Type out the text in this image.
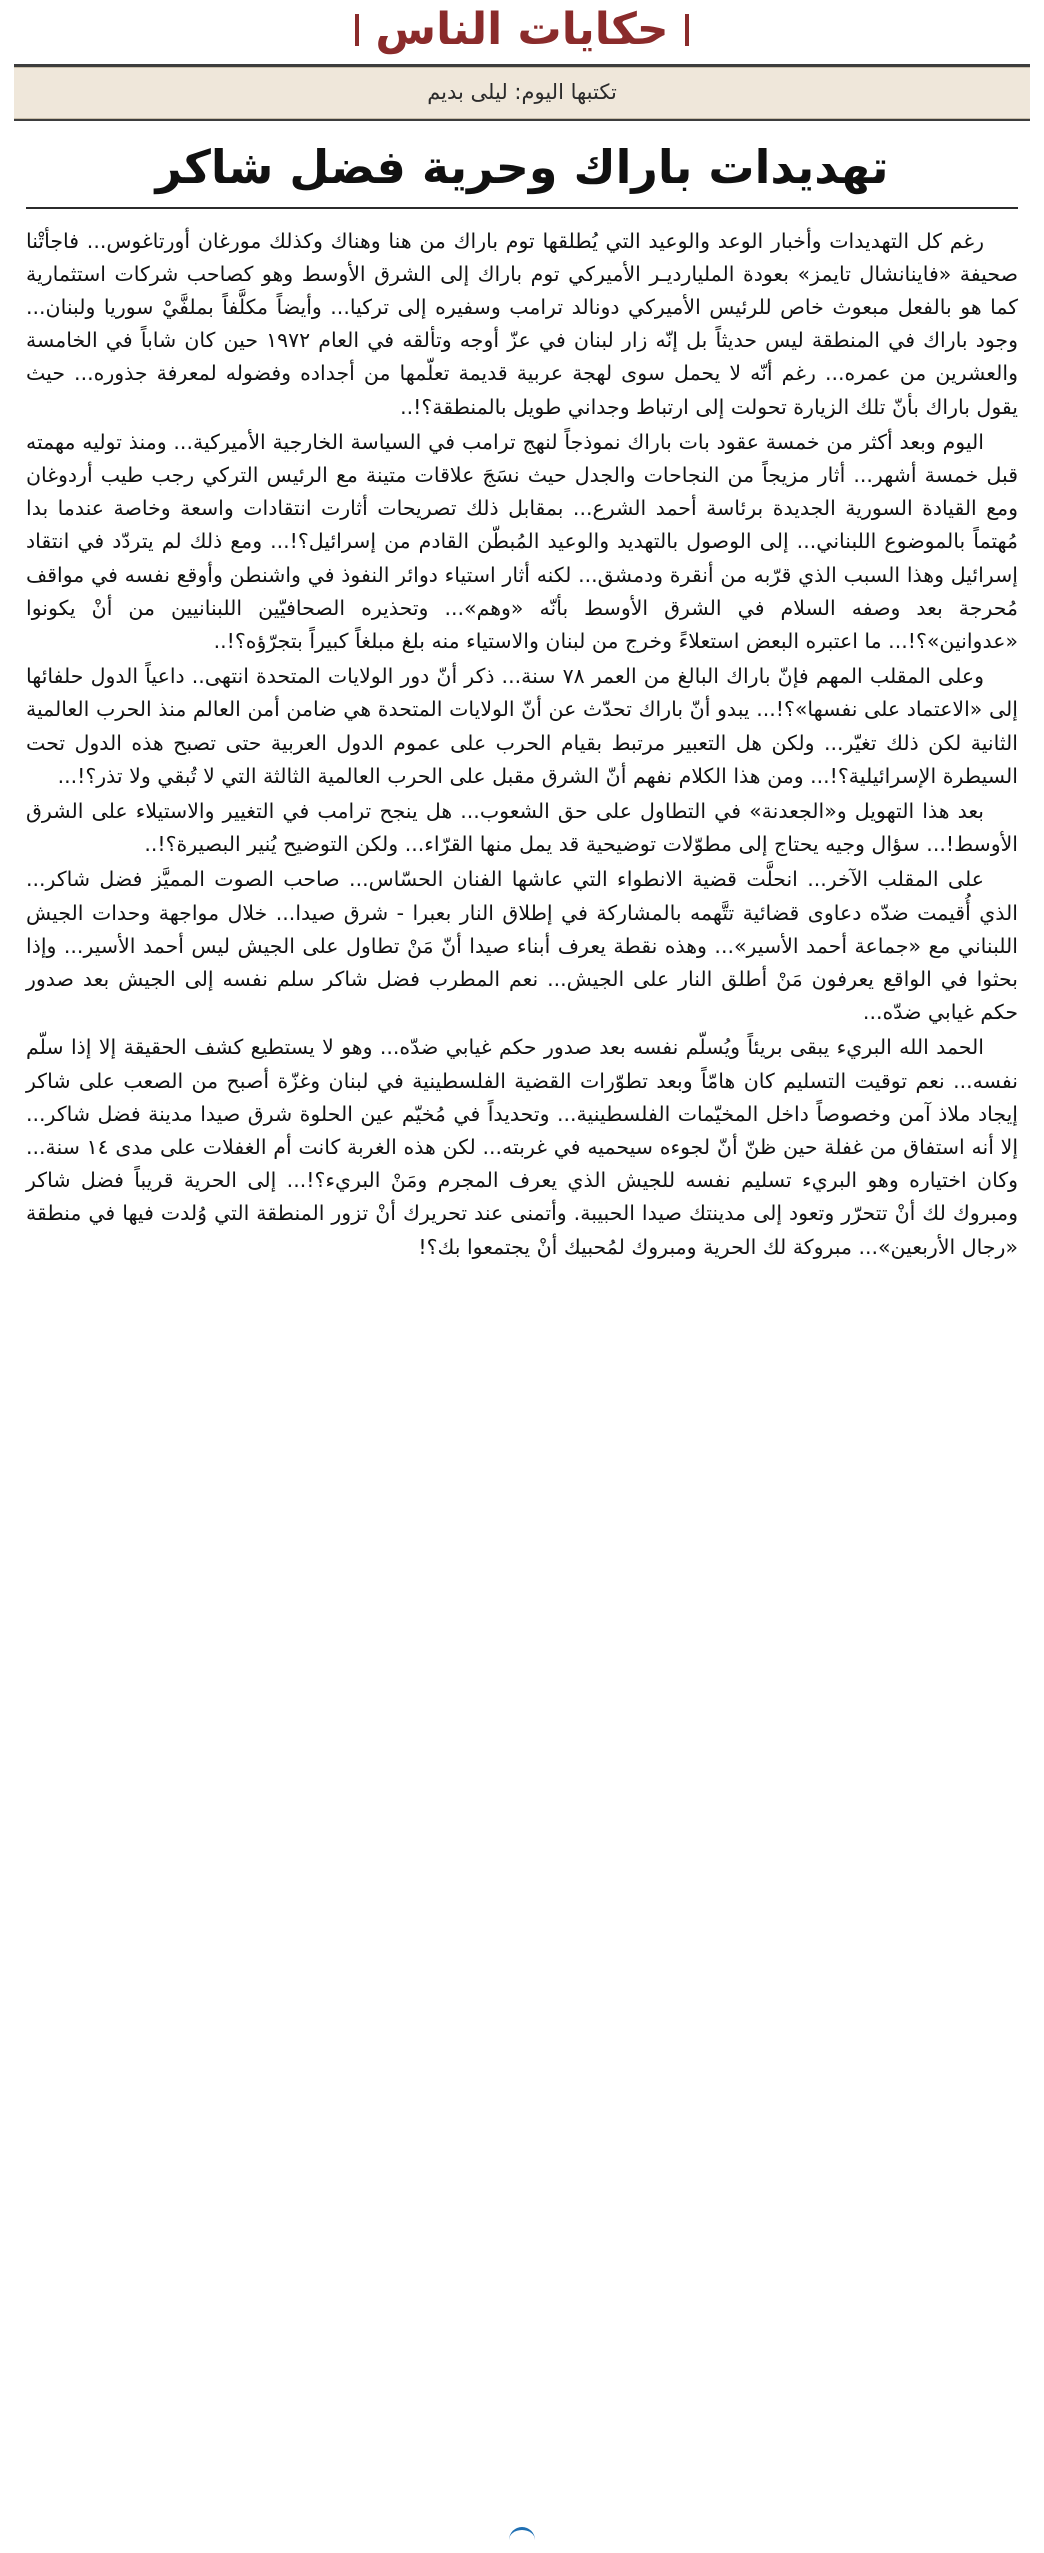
حكايات الناس
تكتبها اليوم: ليلى بديم
تهديدات باراك وحرية فضل شاكر

رغم كل التهديدات وأخبار الوعد والوعيد التي يُطلقها توم باراك من هنا وهناك وكذلك مورغان أورتاغوس... فاجأتْنا صحيفة «فاينانشال تايمز» بعودة المليارديـر الأميركي توم باراك إلى الشرق الأوسط وهو كصاحب شركات استثمارية كما هو بالفعل مبعوث خاص للرئيس الأميركي دونالد ترامب وسفيره إلى تركيا... وأيضاً مكلَّفاً بملفَّيْ سوريا ولبنان... وجود باراك في المنطقة ليس حديثاً بل إنّه زار لبنان في عزّ أوجه وتألقه في العام ١٩٧٢ حين كان شاباً في الخامسة والعشرين من عمره... رغم أنّه لا يحمل سوى لهجة عربية قديمة تعلّمها من أجداده وفضوله لمعرفة جذوره... حيث يقول باراك بأنّ تلك الزيارة تحولت إلى ارتباط وجداني طويل بالمنطقة؟!..

اليوم وبعد أكثر من خمسة عقود بات باراك نموذجاً لنهج ترامب في السياسة الخارجية الأميركية... ومنذ توليه مهمته قبل خمسة أشهر... أثار مزيجاً من النجاحات والجدل حيث نسَجَ علاقات متينة مع الرئيس التركي رجب طيب أردوغان ومع القيادة السورية الجديدة برئاسة أحمد الشرع... بمقابل ذلك تصريحات أثارت انتقادات واسعة وخاصة عندما بدا مُهتماً بالموضوع اللبناني... إلى الوصول بالتهديد والوعيد المُبطّن القادم من إسرائيل؟!... ومع ذلك لم يتردّد في انتقاد إسرائيل وهذا السبب الذي قرّبه من أنقرة ودمشق... لكنه أثار استياء دوائر النفوذ في واشنطن وأوقع نفسه في مواقف مُحرجة بعد وصفه السلام في الشرق الأوسط بأنّه «وهم»... وتحذيره الصحافيّين اللبنانيين من أنْ يكونوا «عدوانين»؟!... ما اعتبره البعض استعلاءً وخرج من لبنان والاستياء منه بلغ مبلغاً كبيراً بتجرّؤه؟!..

وعلى المقلب المهم فإنّ باراك البالغ من العمر ٧٨ سنة... ذكر أنّ دور الولايات المتحدة انتهى.. داعياً الدول حلفائها إلى «الاعتماد على نفسها»؟!... يبدو أنّ باراك تحدّث عن أنّ الولايات المتحدة هي ضامن أمن العالم منذ الحرب العالمية الثانية لكن ذلك تغيّر... ولكن هل التعبير مرتبط بقيام الحرب على عموم الدول العربية حتى تصبح هذه الدول تحت السيطرة الإسرائيلية؟!... ومن هذا الكلام نفهم أنّ الشرق مقبل على الحرب العالمية الثالثة التي لا تُبقي ولا تذر؟!...

بعد هذا التهويل و«الجعدنة» في التطاول على حق الشعوب... هل ينجح ترامب في التغيير والاستيلاء على الشرق الأوسط!... سؤال وجيه يحتاج إلى مطوّلات توضيحية قد يمل منها القرّاء... ولكن التوضيح يُنير البصيرة؟!..

على المقلب الآخر... انحلَّت قضية الانطواء التي عاشها الفنان الحسّاس... صاحب الصوت المميَّز فضل شاكر... الذي أُقيمت ضدّه دعاوى قضائية تتَّهمه بالمشاركة في إطلاق النار بعبرا - شرق صيدا... خلال مواجهة وحدات الجيش اللبناني مع «جماعة أحمد الأسير»... وهذه نقطة يعرف أبناء صيدا أنّ مَنْ تطاول على الجيش ليس أحمد الأسير... وإذا بحثوا في الواقع يعرفون مَنْ أطلق النار على الجيش... نعم المطرب فضل شاكر سلم نفسه إلى الجيش بعد صدور حكم غيابي ضدّه...

الحمد الله البريء يبقى بريئاً ويُسلّم نفسه بعد صدور حكم غيابي ضدّه... وهو لا يستطيع كشف الحقيقة إلا إذا سلّم نفسه... نعم توقيت التسليم كان هامّاً وبعد تطوّرات القضية الفلسطينية في لبنان وغزّة أصبح من الصعب على شاكر إيجاد ملاذ آمن وخصوصاً داخل المخيّمات الفلسطينية... وتحديداً في مُخيّم عين الحلوة شرق صيدا مدينة فضل شاكر... إلا أنه استفاق من غفلة حين ظنّ أنّ لجوءه سيحميه في غربته... لكن هذه الغربة كانت أم الغفلات على مدى ١٤ سنة... وكان اختياره وهو البريء تسليم نفسه للجيش الذي يعرف المجرم ومَنْ البريء؟!... إلى الحرية قريباً فضل شاكر ومبروك لك أنْ تتحرّر وتعود إلى مدينتك صيدا الحبيبة. وأتمنى عند تحريرك أنْ تزور المنطقة التي وُلدت فيها في منطقة «رجال الأربعين»... مبروكة لك الحرية ومبروك لمُحبيك أنْ يجتمعوا بك؟!
